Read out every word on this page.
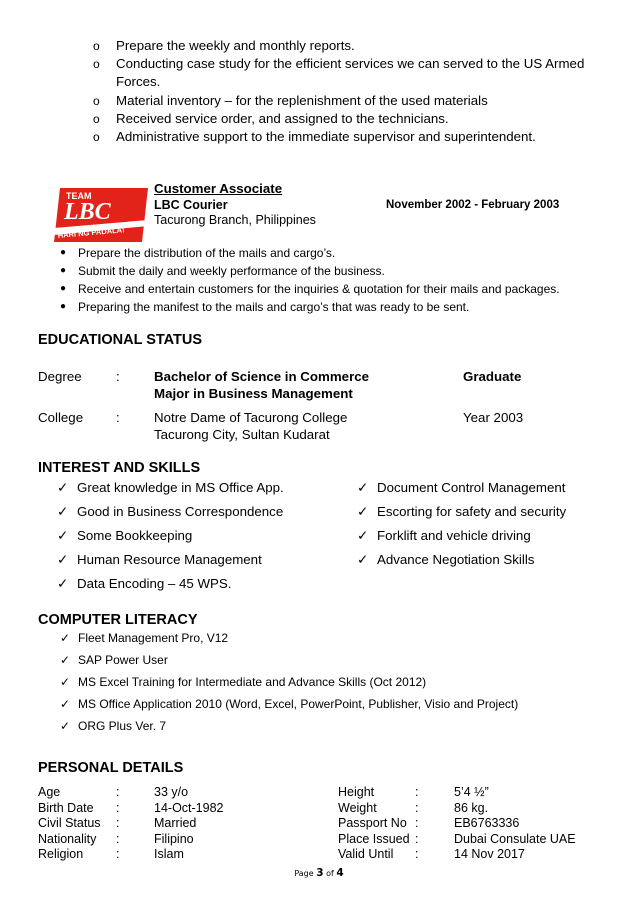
o Prepare the weekly and monthly reports.
o Conducting case study for the efficient services we can served to the US Armed
Forces.
o Material inventory – for the replenishment of the used materials
o Received service order, and assigned to the technicians.
o Administrative support to the immediate supervisor and superintendent.
TEAM
LBC
HARI NG PADALA!
Customer Associate
LBC Courier
Tacurong Branch, Philippines
November 2002 - February 2003
● Prepare the distribution of the mails and cargo’s.
● Submit the daily and weekly performance of the business.
● Receive and entertain customers for the inquiries & quotation for their mails and packages.
● Preparing the manifest to the mails and cargo’s that was ready to be sent.
EDUCATIONAL STATUS
Degree	:	Bachelor of Science in Commerce
Major in Business Management
Graduate
College :	Notre Dame of Tacurong College
Tacurong City, Sultan Kudarat
Year 2003
INTEREST AND SKILLS
✓ Great knowledge in MS Office App.
✓ Good in Business Correspondence
✓ Some Bookkeeping
✓ Human Resource Management
✓ Data Encoding – 45 WPS.
✓ Document Control Management
✓ Escorting for safety and security
✓ Forklift and vehicle driving
✓ Advance Negotiation Skills
COMPUTER LITERACY
✓ Fleet Management Pro, V12
✓ SAP Power User
✓ MS Excel Training for Intermediate and Advance Skills (Oct 2012)
✓ MS Office Application 2010 (Word, Excel, PowerPoint, Publisher, Visio and Project)
✓ ORG Plus Ver. 7
PERSONAL DETAILS
Age	:	33 y/o
Birth Date :	14-Oct-1982
Civil Status :	Married
Nationality :	Filipino
Religion	:	Islam
Height	:	5’4 ½”
Weight	:	86 kg.
Passport No :	EB6763336
Place Issued :	Dubai Consulate UAE
Valid Until :	14 Nov 2017
Page 3 of 4
